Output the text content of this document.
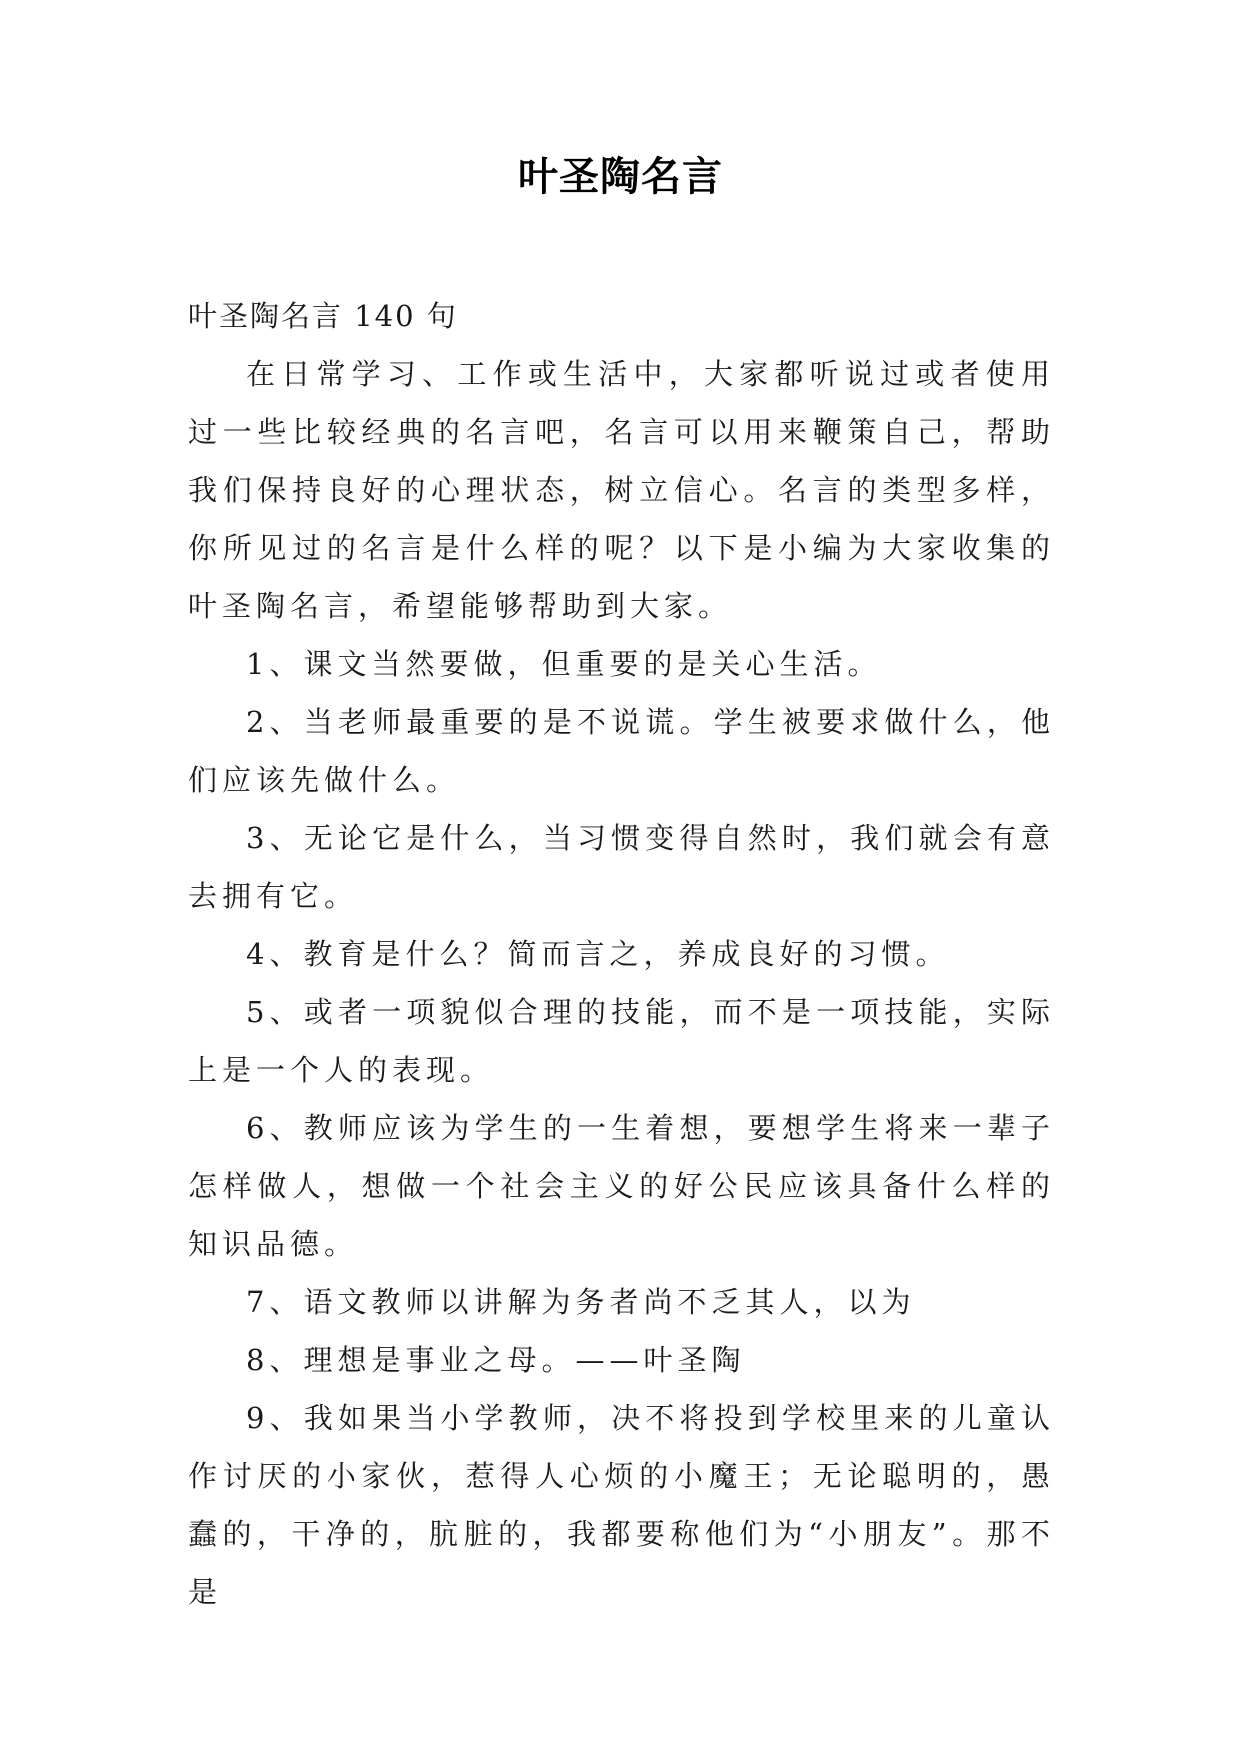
叶圣陶名言

叶圣陶名言 140 句

在日常学习、工作或生活中，大家都听说过或者使用过一些比较经典的名言吧，名言可以用来鞭策自己，帮助我们保持良好的心理状态，树立信心。名言的类型多样，你所见过的名言是什么样的呢？以下是小编为大家收集的叶圣陶名言，希望能够帮助到大家。

1、课文当然要做，但重要的是关心生活。

2、当老师最重要的是不说谎。学生被要求做什么，他们应该先做什么。

3、无论它是什么，当习惯变得自然时，我们就会有意去拥有它。

4、教育是什么？简而言之，养成良好的习惯。

5、或者一项貌似合理的技能，而不是一项技能，实际上是一个人的表现。

6、教师应该为学生的一生着想，要想学生将来一辈子怎样做人，想做一个社会主义的好公民应该具备什么样的知识品德。

7、语文教师以讲解为务者尚不乏其人，以为

8、理想是事业之母。——叶圣陶

9、我如果当小学教师，决不将投到学校里来的儿童认作讨厌的小家伙，惹得人心烦的小魔王；无论聪明的，愚蠢的，干净的，肮脏的，我都要称他们为“小朋友”。那不是
